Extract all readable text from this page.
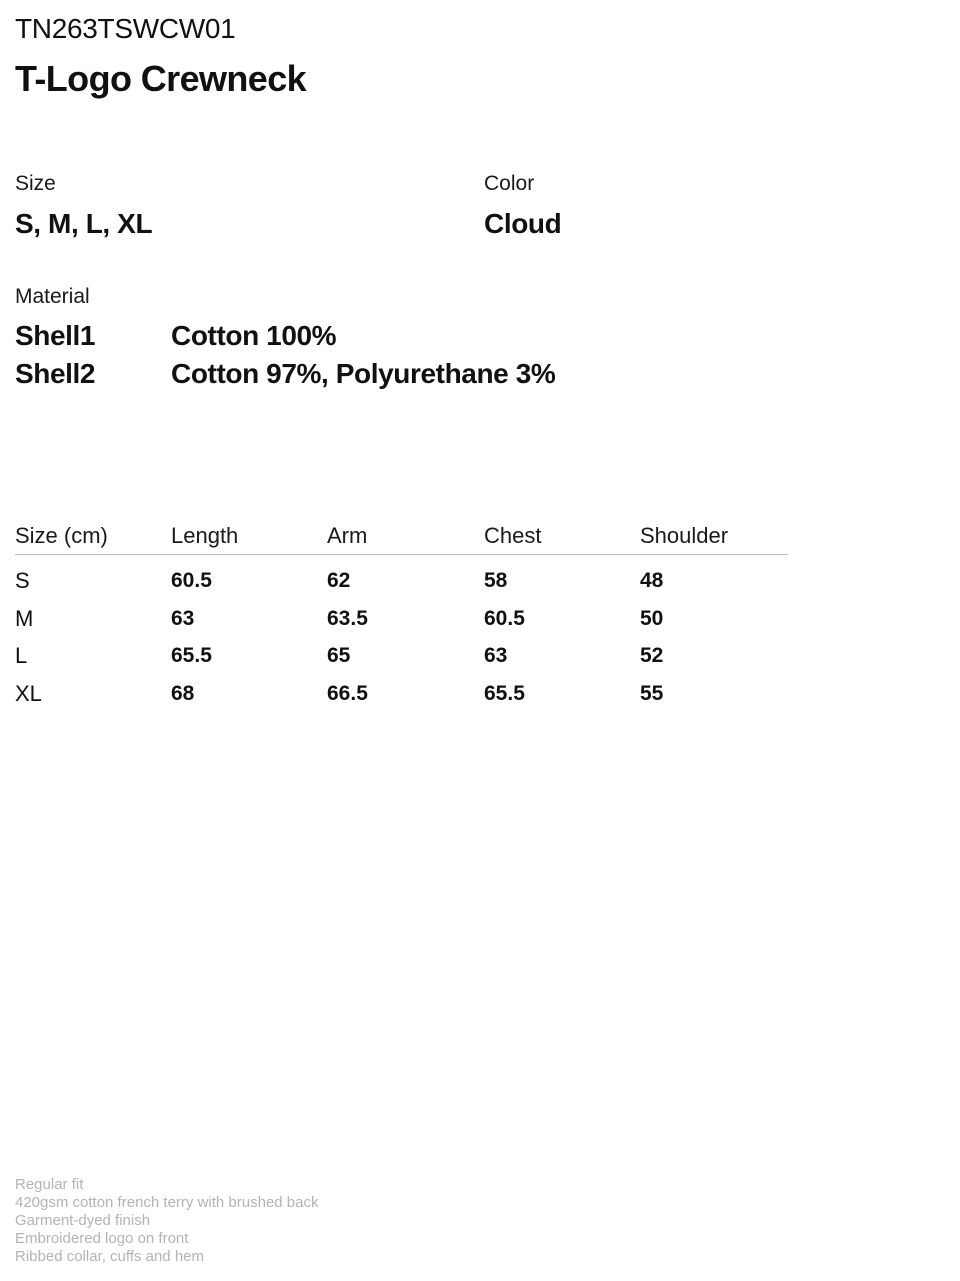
TN263TSWCW01
T-Logo Crewneck
Size
S, M, L, XL
Color
Cloud
Material
Shell1	Cotton 100%
Shell2	Cotton 97%, Polyurethane 3%
Size (cm)	Length	Arm	Chest	Shoulder
S	60.5	62	58	48
M	63	63.5	60.5	50
L	65.5	65	63	52
XL	68	66.5	65.5	55
Regular fit
420gsm cotton french terry with brushed back
Garment-dyed finish
Embroidered logo on front
Ribbed collar, cuffs and hem
